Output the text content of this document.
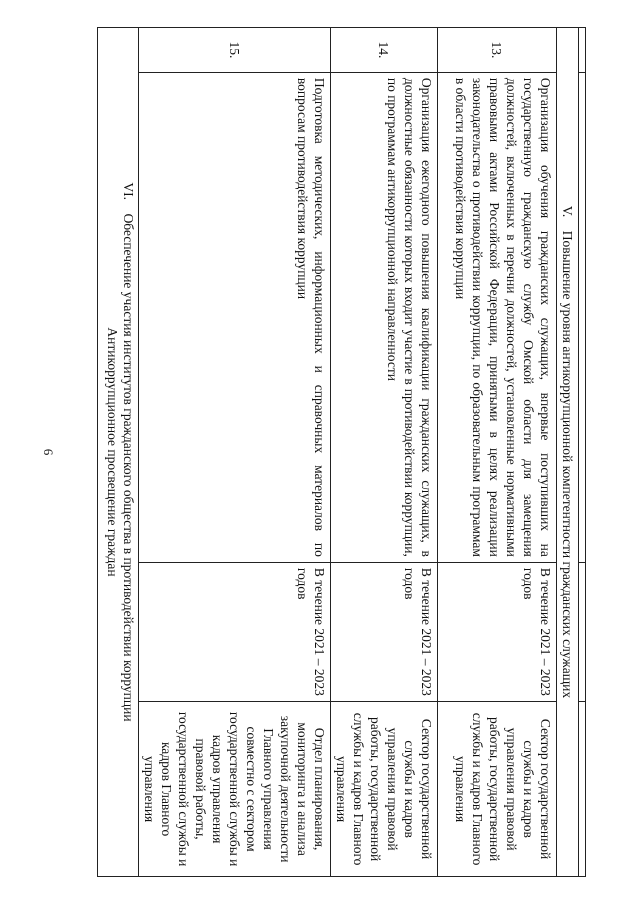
6

V.    Повышение уровня антикоррупционной компетентности гражданских служащих			
13.	Организация обучения гражданских служащих, впервые поступивших на государственную гражданскую службу Омской области для замещения должностей, включенных в перечни должностей, установленные нормативными правовыми актами Российской Федерации, принятыми в целях реализации законодательства о противодействии коррупции, по образовательным программам в области противодействия коррупции	В течение 2021 – 2023 годов	Сектор государственной службы и кадров управления правовой работы, государственной службы и кадров Главного управления
14.	Организация ежегодного повышения квалификации гражданских служащих, в должностные обязанности которых входит участие в противодействии коррупции, по программам антикоррупционной направленности	В течение 2021 – 2023 годов	Сектор государственной службы и кадров управления правовой работы, государственной службы и кадров Главного управления
15.	Подготовка методических, информационных и справочных материалов по вопросам противодействия коррупции	В течение 2021 – 2023 годов	Отдел планирования, мониторинга и анализа закупочной деятельности Главного управления совместно с сектором государственной службы и кадров управления правовой работы, государственной службы и кадров Главного управления
VI.    Обеспечение участия институтов гражданского общества в противодействии коррупции
Антикоррупционное просвещение граждан			
